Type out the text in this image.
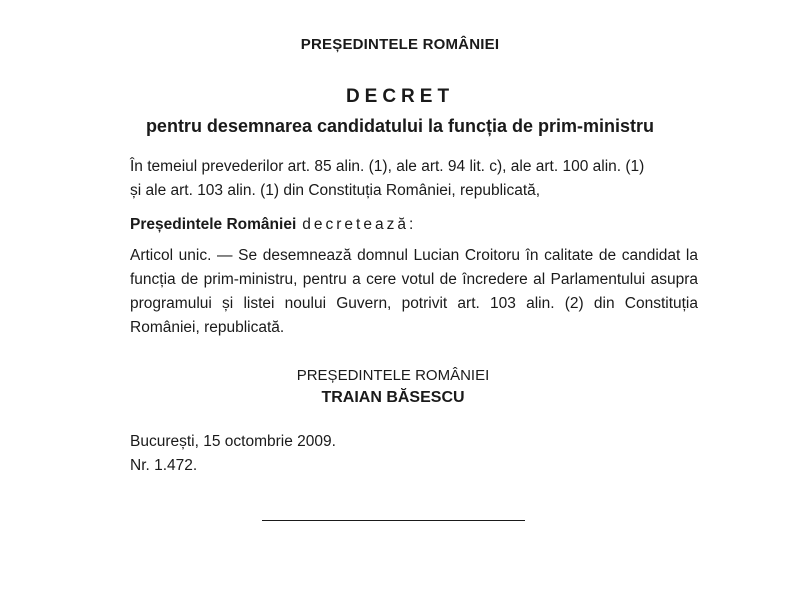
PREȘEDINTELE ROMÂNIEI
DECRET
pentru desemnarea candidatului la funcția de prim-ministru
În temeiul prevederilor art. 85 alin. (1), ale art. 94 lit. c), ale art. 100 alin. (1)

și ale art. 103 alin. (1) din Constituția României, republicată,
Președintele României decretează:
Articol unic. — Se desemnează domnul Lucian Croitoru în calitate de candidat la funcția de prim-ministru, pentru a cere votul de încredere al Parlamentului asupra programului și listei noului Guvern, potrivit art. 103 alin. (2) din Constituția României, republicată.
PREȘEDINTELE ROMÂNIEI
TRAIAN BĂSESCU
București, 15 octombrie 2009.
Nr. 1.472.
